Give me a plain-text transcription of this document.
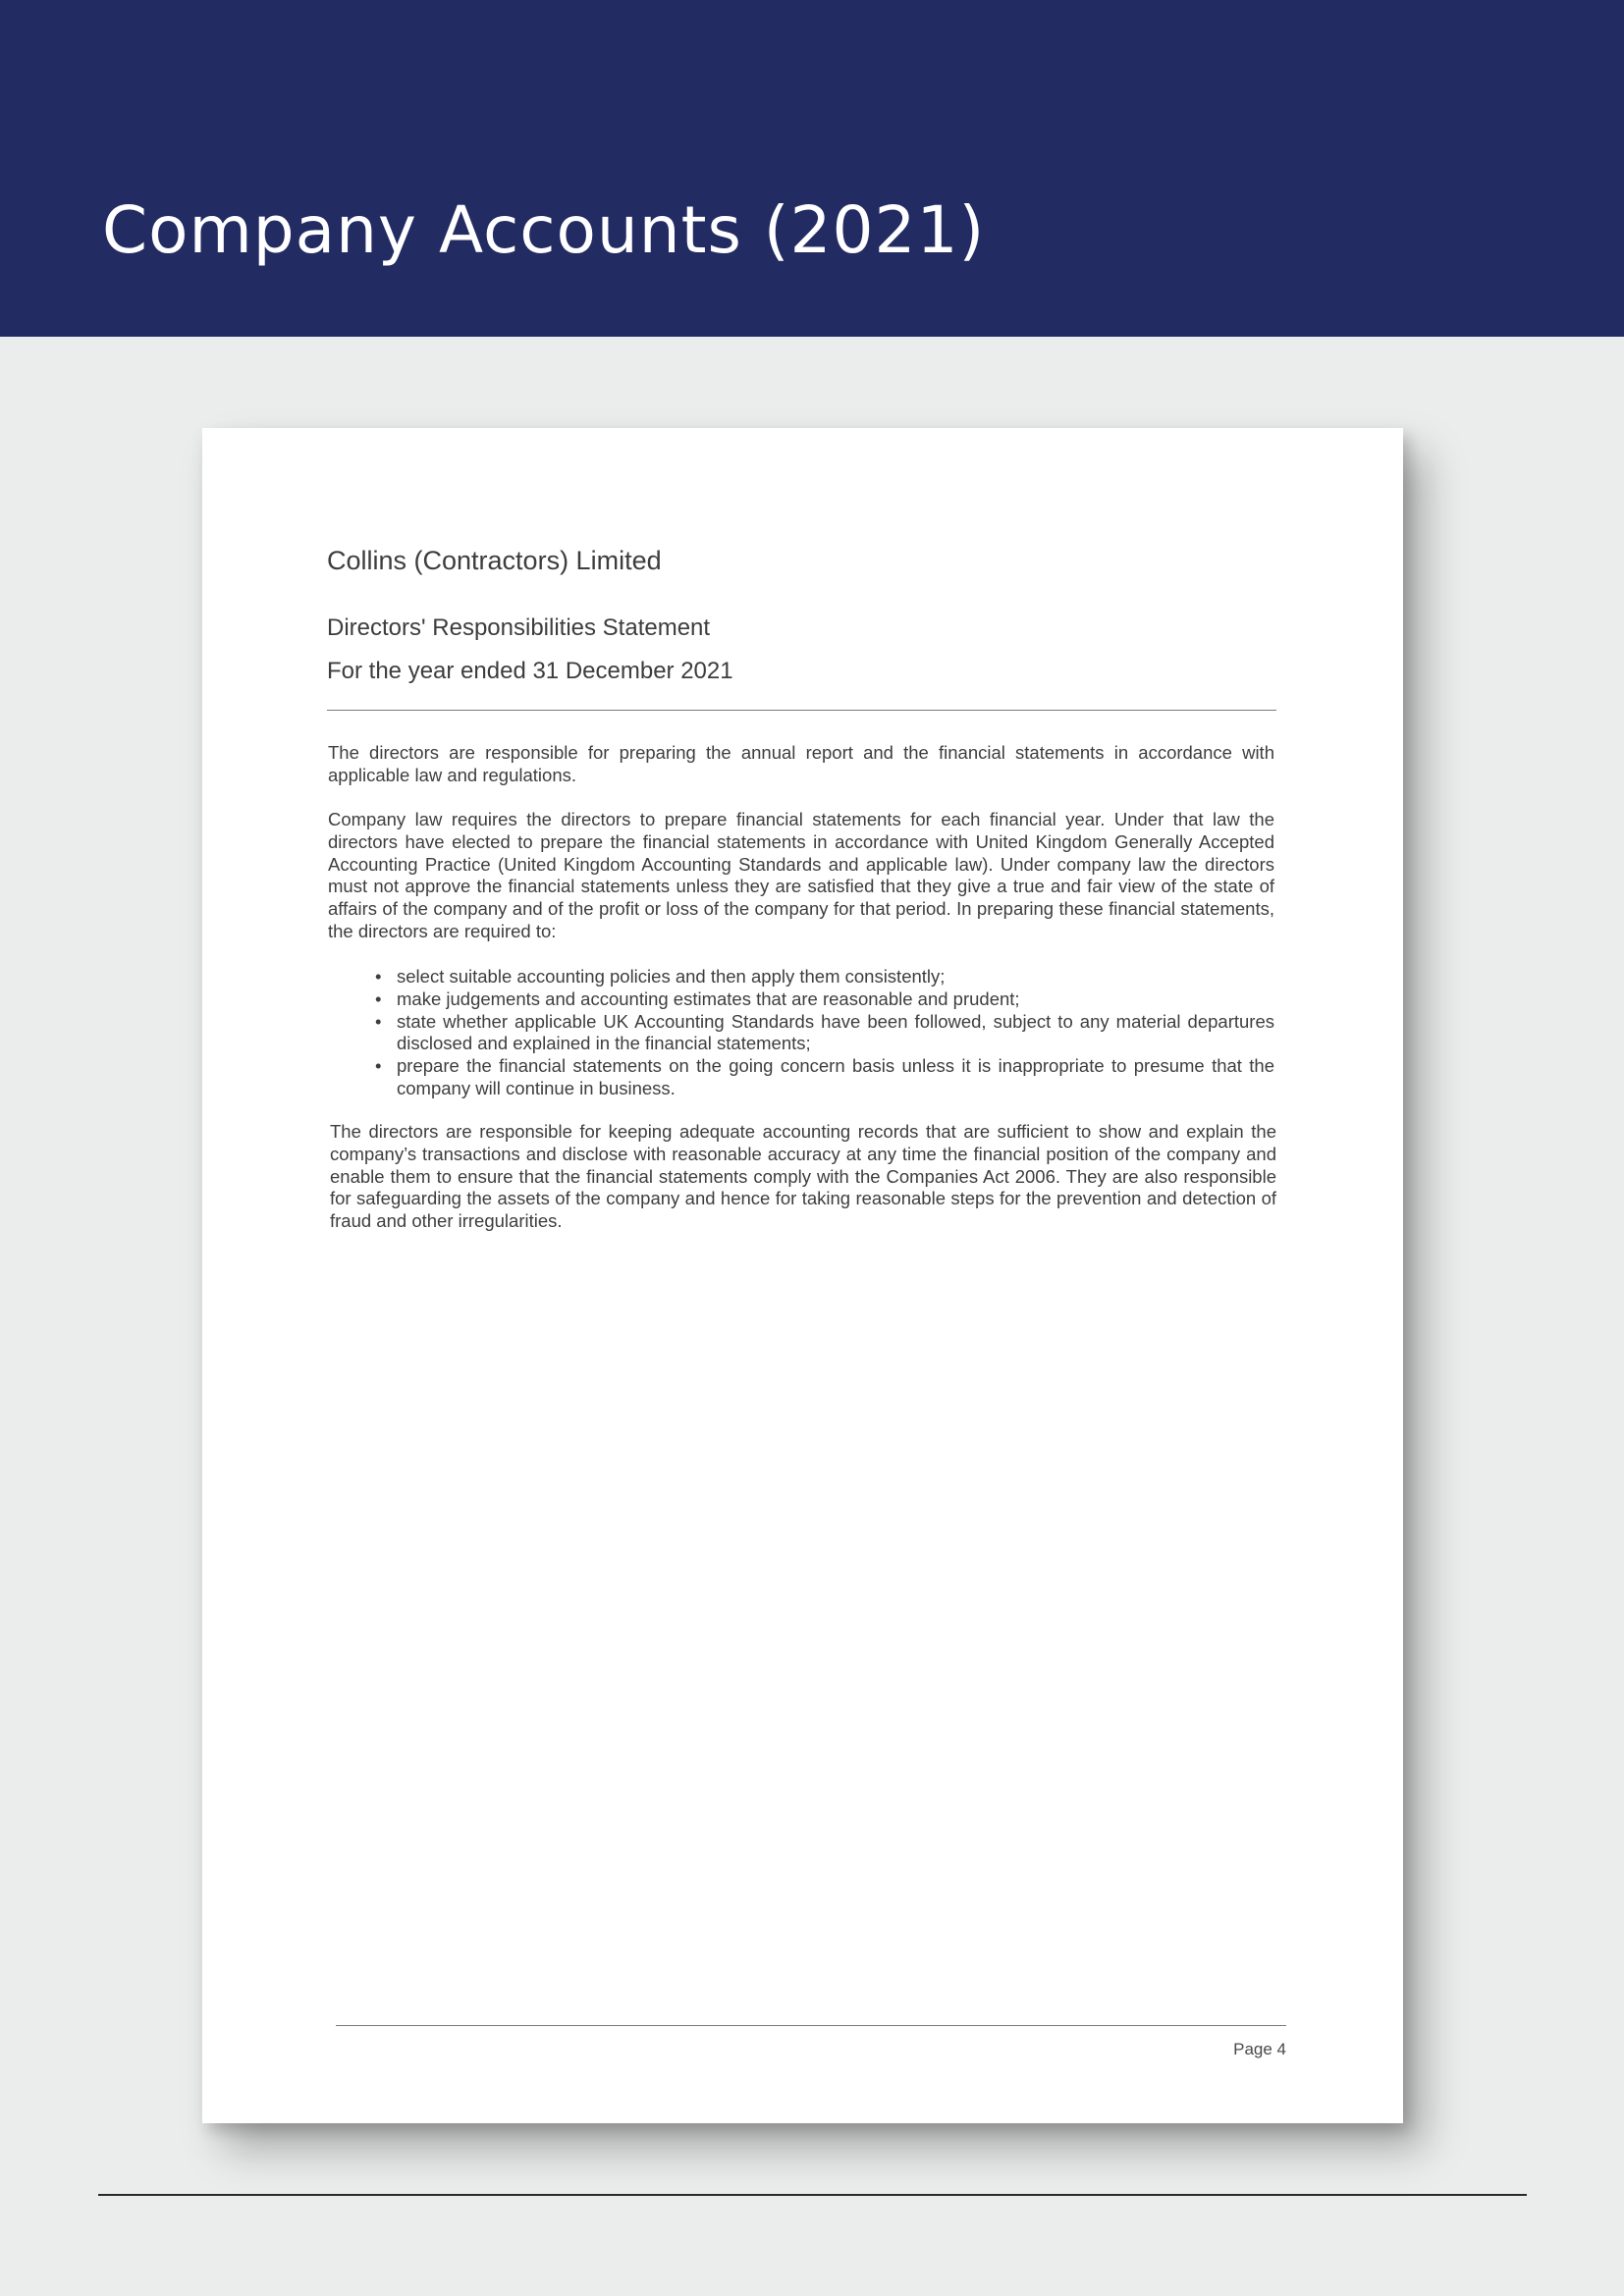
Company Accounts (2021)
Collins (Contractors) Limited
Directors' Responsibilities Statement
For the year ended 31 December 2021

The directors are responsible for preparing the annual report and the financial statements in accordance with applicable law and regulations.

Company law requires the directors to prepare financial statements for each financial year. Under that law the directors have elected to prepare the financial statements in accordance with United Kingdom Generally Accepted Accounting Practice (United Kingdom Accounting Standards and applicable law). Under company law the directors must not approve the financial statements unless they are satisfied that they give a true and fair view of the state of affairs of the company and of the profit or loss of the company for that period. In preparing these financial statements, the directors are required to:

• select suitable accounting policies and then apply them consistently;
• make judgements and accounting estimates that are reasonable and prudent;
• state whether applicable UK Accounting Standards have been followed, subject to any material departures disclosed and explained in the financial statements;
• prepare the financial statements on the going concern basis unless it is inappropriate to presume that the company will continue in business.

The directors are responsible for keeping adequate accounting records that are sufficient to show and explain the company’s transactions and disclose with reasonable accuracy at any time the financial position of the company and enable them to ensure that the financial statements comply with the Companies Act 2006. They are also responsible for safeguarding the assets of the company and hence for taking reasonable steps for the prevention and detection of fraud and other irregularities.

Page 4
